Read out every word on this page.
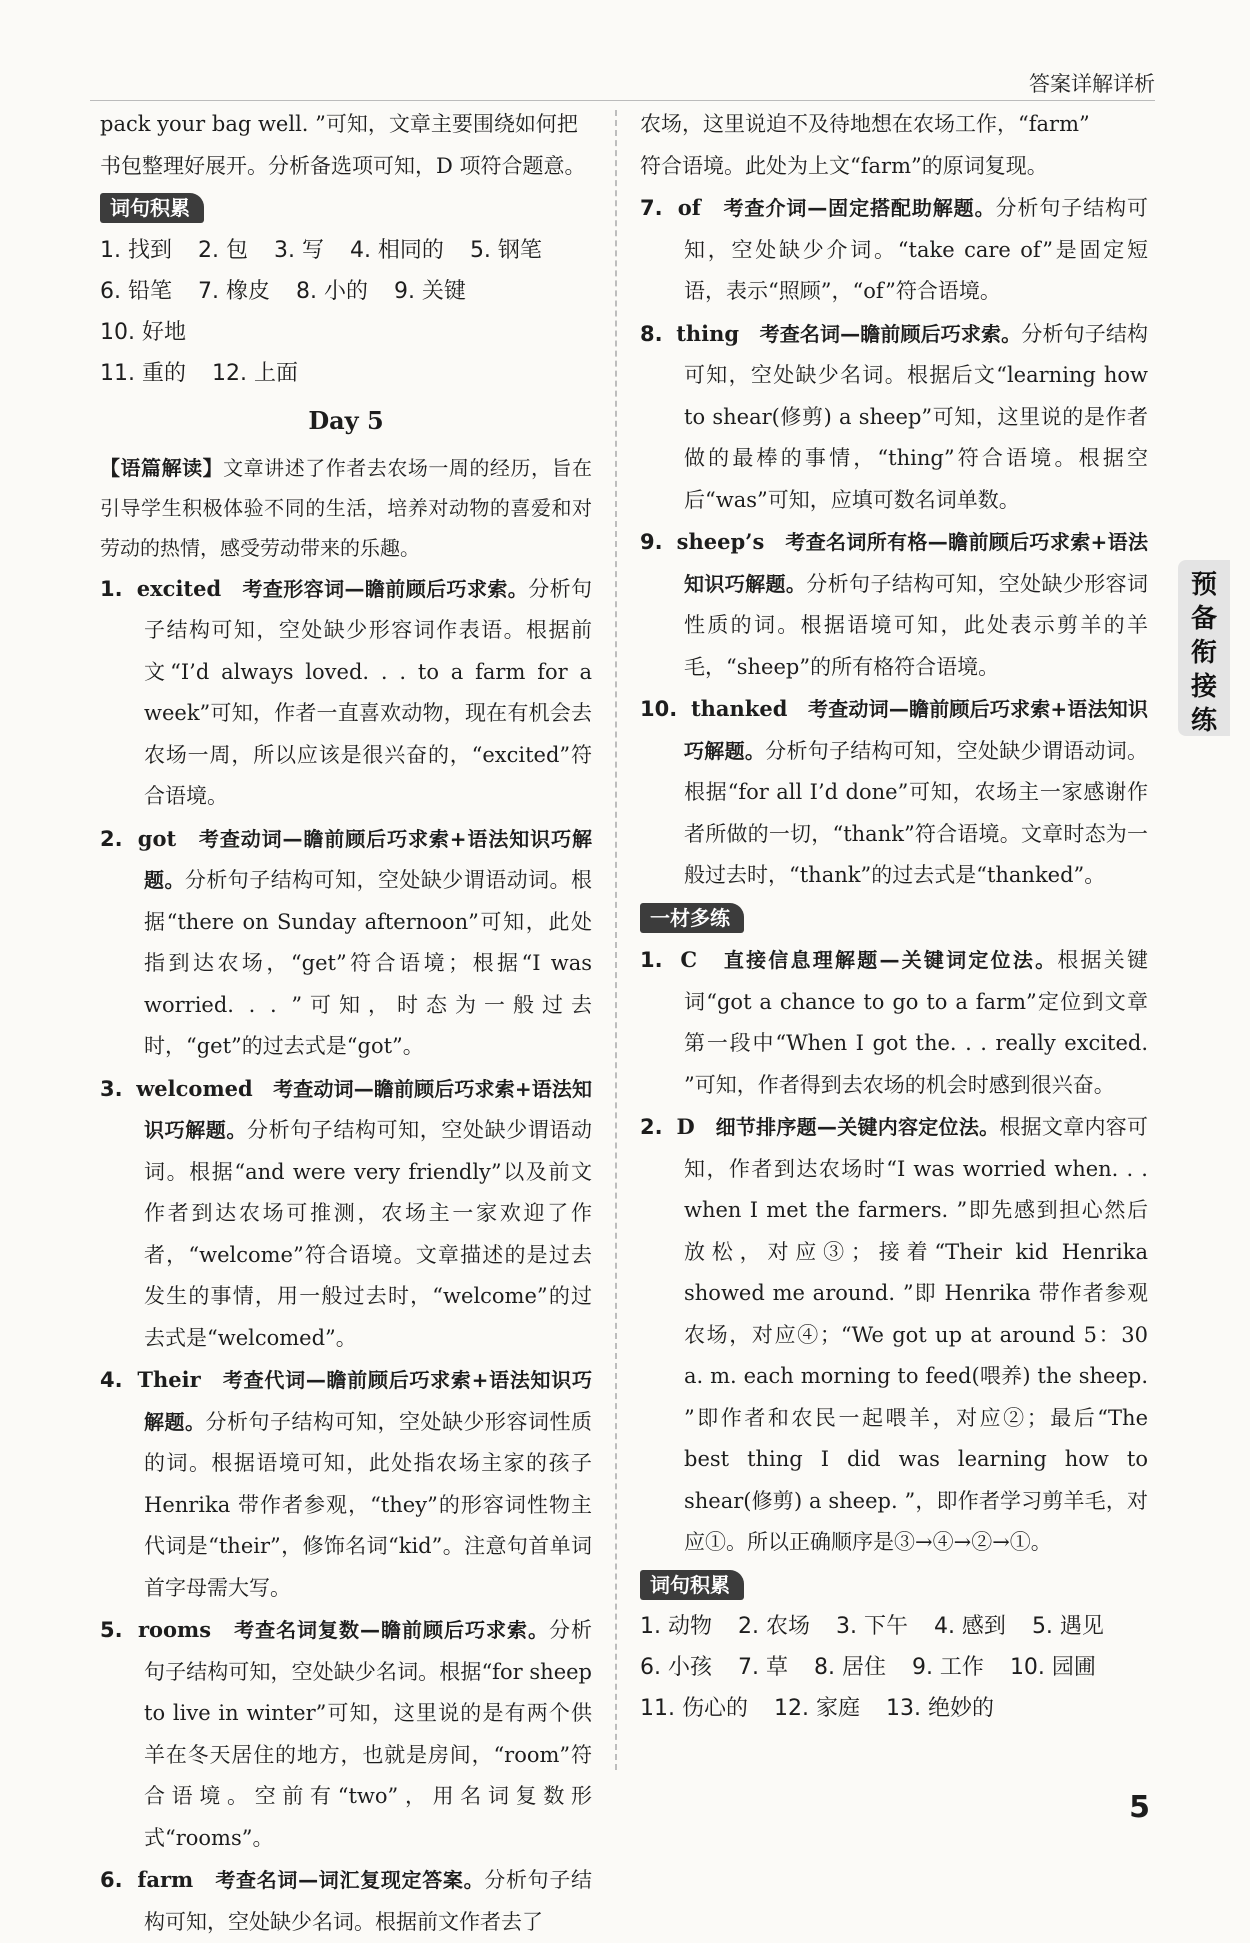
答案详解详析

pack your bag well. ”可知，文章主要围绕如何把

书包整理好展开。分析备选项可知，D 项符合题意。

词句积累
1. 找到 2. 包 3. 写 4. 相同的 5. 钢笔
6. 铅笔 7. 橡皮 8. 小的 9. 关键10. 好地
11. 重的 12. 上面
Day 5

【语篇解读】文章讲述了作者去农场一周的经历，旨在引导学生积极体验不同的生活，培养对动物的喜爱和对劳动的热情，感受劳动带来的乐趣。

1. excited 考查形容词—瞻前顾后巧求索。分析句子结构可知，空处缺少形容词作表语。根据前文“I’d always loved. . . to a farm for a week”可知，作者一直喜欢动物，现在有机会去农场一周，所以应该是很兴奋的，“excited”符合语境。

2. got 考查动词—瞻前顾后巧求索+语法知识巧解题。分析句子结构可知，空处缺少谓语动词。根据“there on Sunday afternoon”可知，此处指到达农场，“get”符合语境；根据“I was worried. . . ”可知，时态为一般过去时，“get”的过去式是“got”。

3. welcomed 考查动词—瞻前顾后巧求索+语法知识巧解题。分析句子结构可知，空处缺少谓语动词。根据“and were very friendly”以及前文作者到达农场可推测，农场主一家欢迎了作者，“welcome”符合语境。文章描述的是过去发生的事情，用一般过去时，“welcome”的过去式是“welcomed”。

4. Their 考查代词—瞻前顾后巧求索+语法知识巧解题。分析句子结构可知，空处缺少形容词性质的词。根据语境可知，此处指农场主家的孩子 Henrika 带作者参观，“they”的形容词性物主代词是“their”，修饰名词“kid”。注意句首单词首字母需大写。

5. rooms 考查名词复数—瞻前顾后巧求索。分析句子结构可知，空处缺少名词。根据“for sheep to live in winter”可知，这里说的是有两个供羊在冬天居住的地方，也就是房间，“room”符合语境。空前有“two”，用名词复数形式“rooms”。

6. farm 考查名词—词汇复现定答案。分析句子结构可知，空处缺少名词。根据前文作者去了

农场，这里说迫不及待地想在农场工作，“farm”

符合语境。此处为上文“farm”的原词复现。

7. of 考查介词—固定搭配助解题。分析句子结构可知，空处缺少介词。“take care of”是固定短语，表示“照顾”，“of”符合语境。

8. thing 考查名词—瞻前顾后巧求索。分析句子结构可知，空处缺少名词。根据后文“learning how to shear(修剪) a sheep”可知，这里说的是作者做的最棒的事情，“thing”符合语境。根据空后“was”可知，应填可数名词单数。

9. sheep’s 考查名词所有格—瞻前顾后巧求索+语法知识巧解题。分析句子结构可知，空处缺少形容词性质的词。根据语境可知，此处表示剪羊的羊毛，“sheep”的所有格符合语境。

10. thanked 考查动词—瞻前顾后巧求索+语法知识巧解题。分析句子结构可知，空处缺少谓语动词。根据“for all I’d done”可知，农场主一家感谢作者所做的一切，“thank”符合语境。文章时态为一般过去时，“thank”的过去式是“thanked”。

一材多练

1. C 直接信息理解题—关键词定位法。根据关键词“got a chance to go to a farm”定位到文章第一段中“When I got the. . . really excited. ”可知，作者得到去农场的机会时感到很兴奋。

2. D 细节排序题—关键内容定位法。根据文章内容可知，作者到达农场时“I was worried when. . . when I met the farmers. ”即先感到担心然后放松，对应③；接着“Their kid Henrika showed me around. ”即 Henrika 带作者参观农场，对应④；“We got up at around 5：30 a. m. each morning to feed(喂养) the sheep. ”即作者和农民一起喂羊，对应②；最后“The best thing I did was learning how to shear(修剪) a sheep. ”，即作者学习剪羊毛，对应①。所以正确顺序是③→④→②→①。

词句积累
1. 动物 2. 农场 3. 下午 4. 感到 5. 遇见
6. 小孩 7. 草 8. 居住 9. 工作 10. 园圃
11. 伤心的 12. 家庭 13. 绝妙的
预
备
衔
接
练
5
